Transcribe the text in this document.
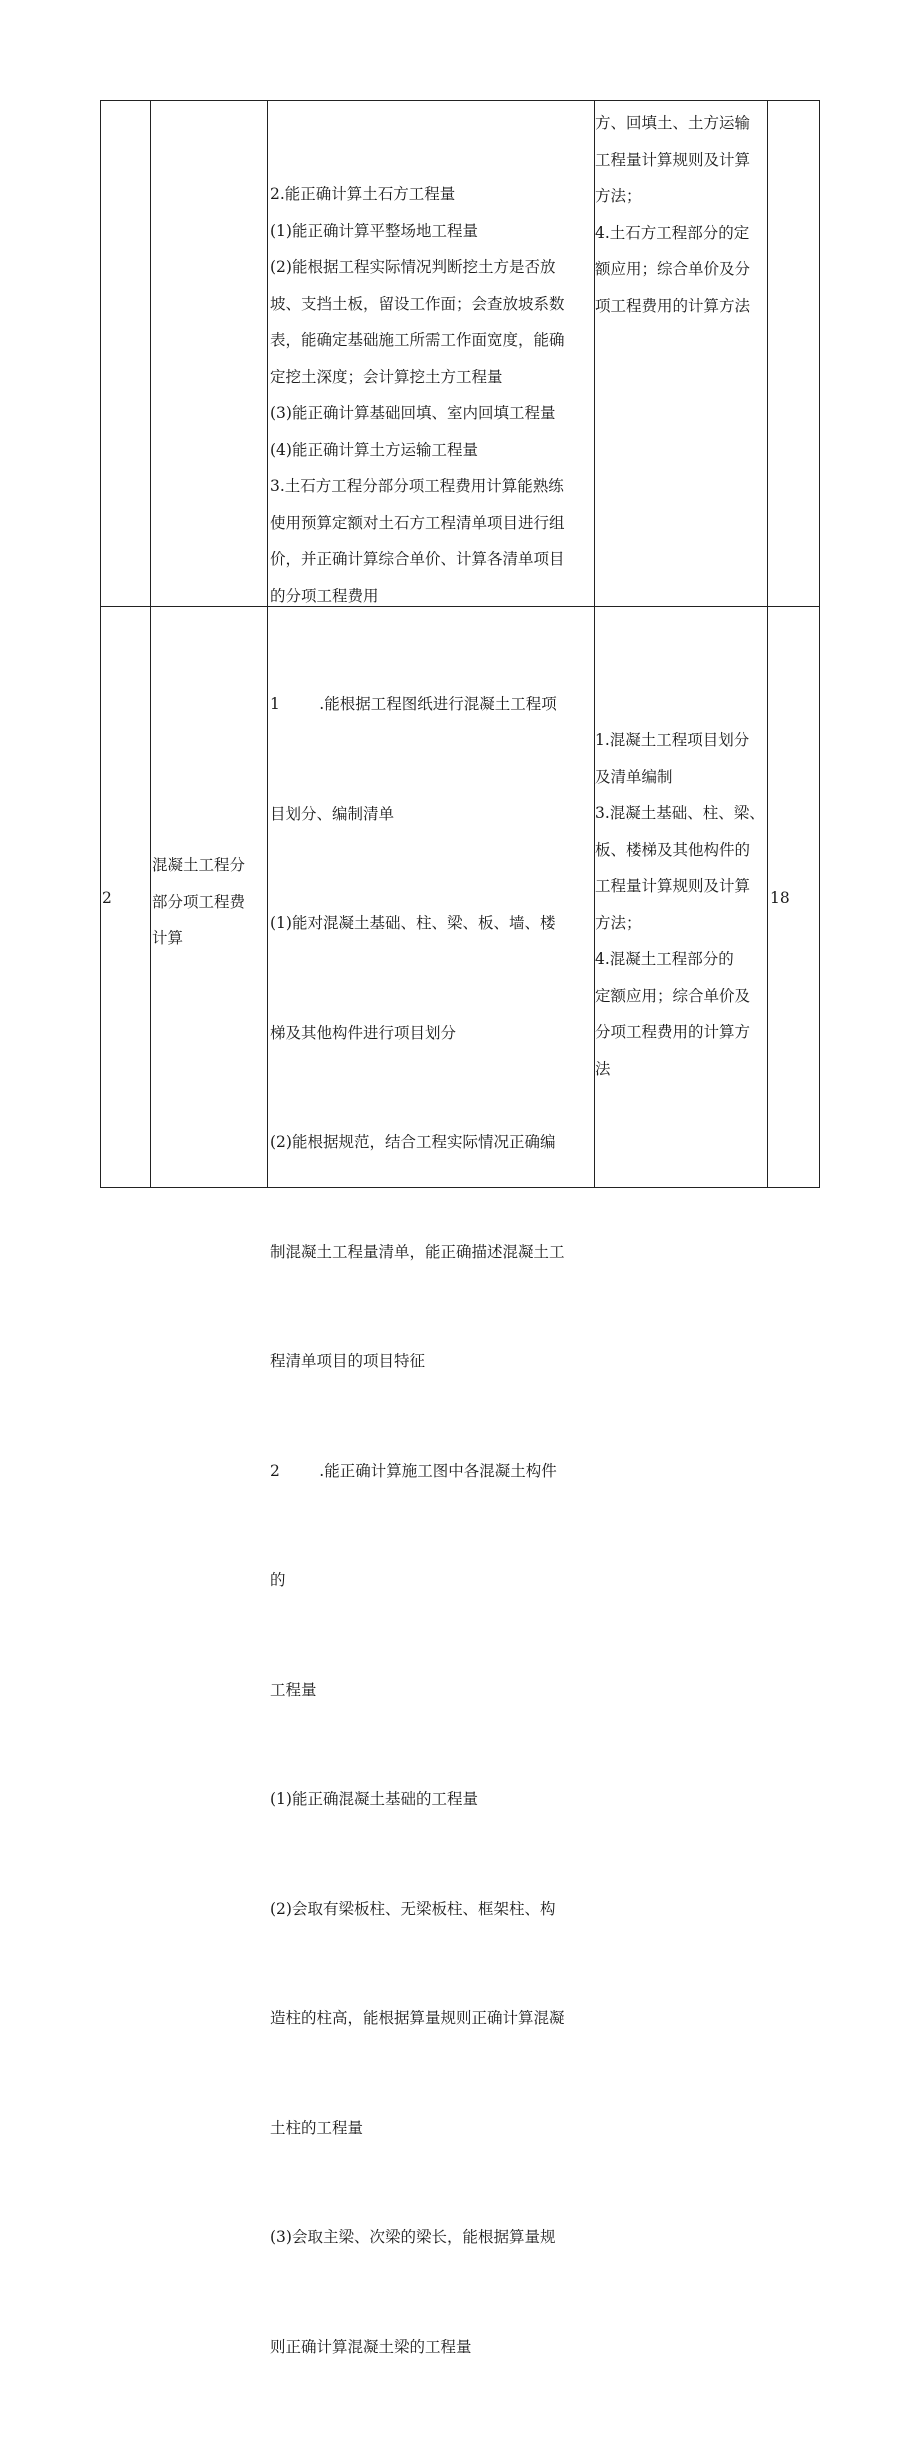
2.能正确计算土石方工程量

(1)能正确计算平整场地工程量

(2)能根据工程实际情况判断挖土方是否放

坡、支挡土板，留设工作面；会查放坡系数

表，能确定基础施工所需工作面宽度，能确

定挖土深度；会计算挖土方工程量

(3)能正确计算基础回填、室内回填工程量

(4)能正确计算土方运输工程量

3.土石方工程分部分项工程费用计算能熟练

使用预算定额对土石方工程清单项目进行组

价，并正确计算综合单价、计算各清单项目

的分项工程费用

方、回填土、土方运输

工程量计算规则及计算

方法；

4.土石方工程部分的定

额应用；综合单价及分

项工程费用的计算方法

2

混凝土工程分

部分项工程费

计算

1        .能根据工程图纸进行混凝土工程项

目划分、编制清单

(1)能对混凝土基础、柱、梁、板、墙、楼

梯及其他构件进行项目划分

(2)能根据规范，结合工程实际情况正确编

制混凝土工程量清单，能正确描述混凝土工

程清单项目的项目特征

2        .能正确计算施工图中各混凝土构件

的

工程量

(1)能正确混凝土基础的工程量

(2)会取有梁板柱、无梁板柱、框架柱、构

造柱的柱高，能根据算量规则正确计算混凝

土柱的工程量

(3)会取主梁、次梁的梁长，能根据算量规

则正确计算混凝土梁的工程量

1.混凝土工程项目划分

及清单编制

3.混凝土基础、柱、梁、

板、楼梯及其他构件的

工程量计算规则及计算

方法；

4.混凝土工程部分的

定额应用；综合单价及

分项工程费用的计算方

法

18
